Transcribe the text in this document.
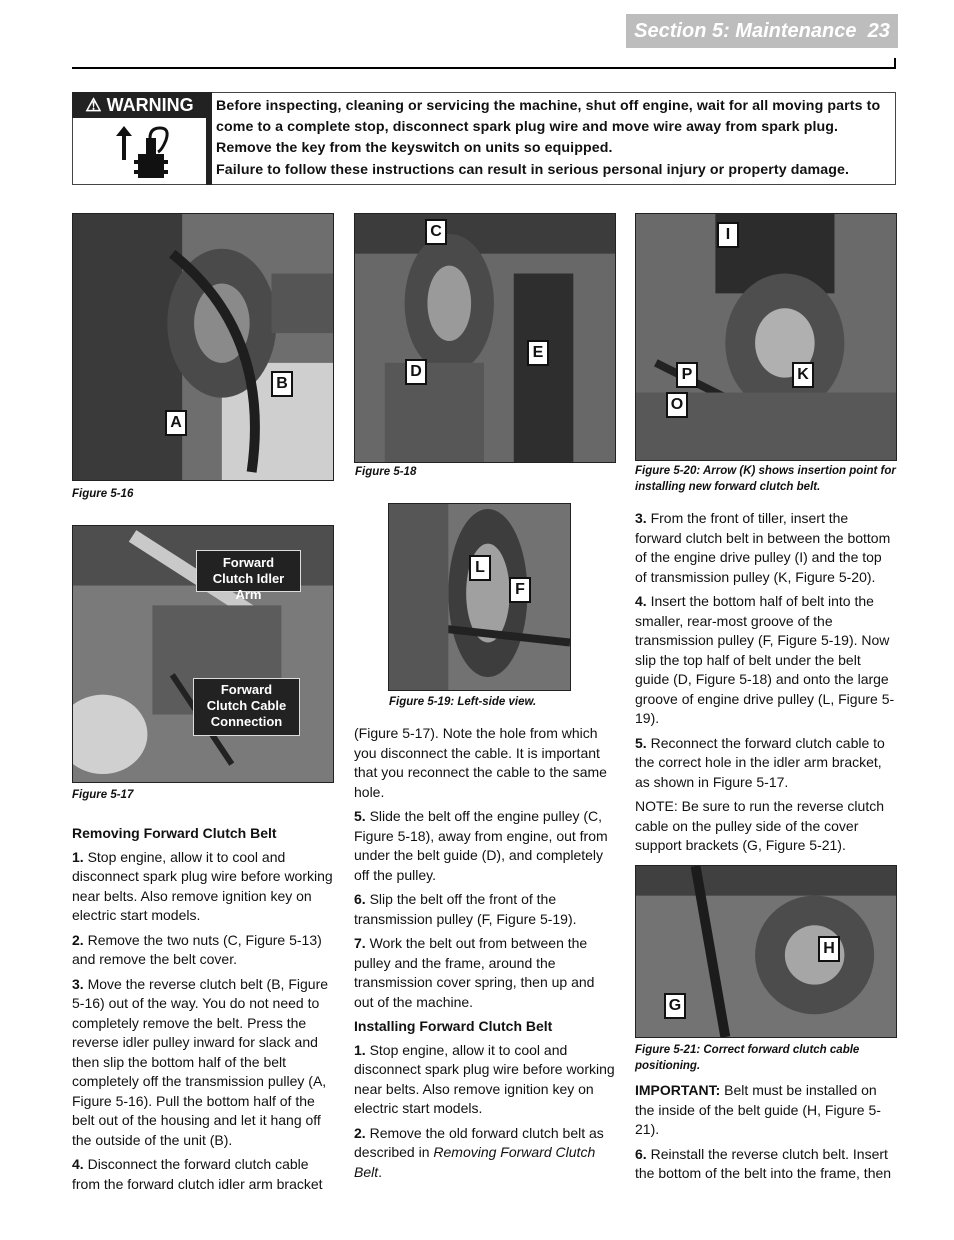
Section 5: Maintenance 23
⚠ WARNING	Before inspecting, cleaning or servicing the machine, shut off engine, wait for all moving parts to come to a complete stop, disconnect spark plug wire and move wire away from spark plug. Remove the key from the keyswitch on units so equipped.

Failure to follow these instructions can result in serious personal injury or property damage.

B
A
Figure 5-16
Forward Clutch Idler Arm
Forward Clutch Cable Connection
Figure 5-17
C
E
D
Figure 5-18
L
F
Figure 5-19: Left-side view.
I
P	K
O
Figure 5-20: Arrow (K) shows insertion point for installing new forward clutch belt.
H
G
Figure 5-21: Correct forward clutch cable positioning.
Removing Forward Clutch Belt

1. Stop engine, allow it to cool and disconnect spark plug wire before working near belts. Also remove ignition key on electric start models.

2. Remove the two nuts (C, Figure 5-13) and remove the belt cover.

3. Move the reverse clutch belt (B, Figure 5-16) out of the way. You do not need to completely remove the belt. Press the reverse idler pulley inward for slack and then slip the bottom half of the belt completely off the transmission pulley (A, Figure 5-16). Pull the bottom half of the belt out of the housing and let it hang off the outside of the unit (B).

4. Disconnect the forward clutch cable from the forward clutch idler arm bracket

(Figure 5-17). Note the hole from which you disconnect the cable. It is important that you reconnect the cable to the same hole.

5. Slide the belt off the engine pulley (C, Figure 5-18), away from engine, out from under the belt guide (D), and completely off the pulley.

6. Slip the belt off the front of the transmission pulley (F, Figure 5-19).

7. Work the belt out from between the pulley and the frame, around the transmission cover spring, then up and out of the machine.

Installing Forward Clutch Belt

1. Stop engine, allow it to cool and disconnect spark plug wire before working near belts. Also remove ignition key on electric start models.

2. Remove the old forward clutch belt as described in Removing Forward Clutch Belt.

3. From the front of tiller, insert the forward clutch belt in between the bottom of the engine drive pulley (I) and the top of transmission pulley (K, Figure 5-20).

4. Insert the bottom half of belt into the smaller, rear-most groove of the transmission pulley (F, Figure 5-19). Now slip the top half of belt under the belt guide (D, Figure 5-18) and onto the large groove of engine drive pulley (L, Figure 5-19).

5. Reconnect the forward clutch cable to the correct hole in the idler arm bracket, as shown in Figure 5-17.

NOTE: Be sure to run the reverse clutch cable on the pulley side of the cover support brackets (G, Figure 5-21).

IMPORTANT: Belt must be installed on the inside of the belt guide (H, Figure 5-21).

6. Reinstall the reverse clutch belt. Insert the bottom of the belt into the frame, then
